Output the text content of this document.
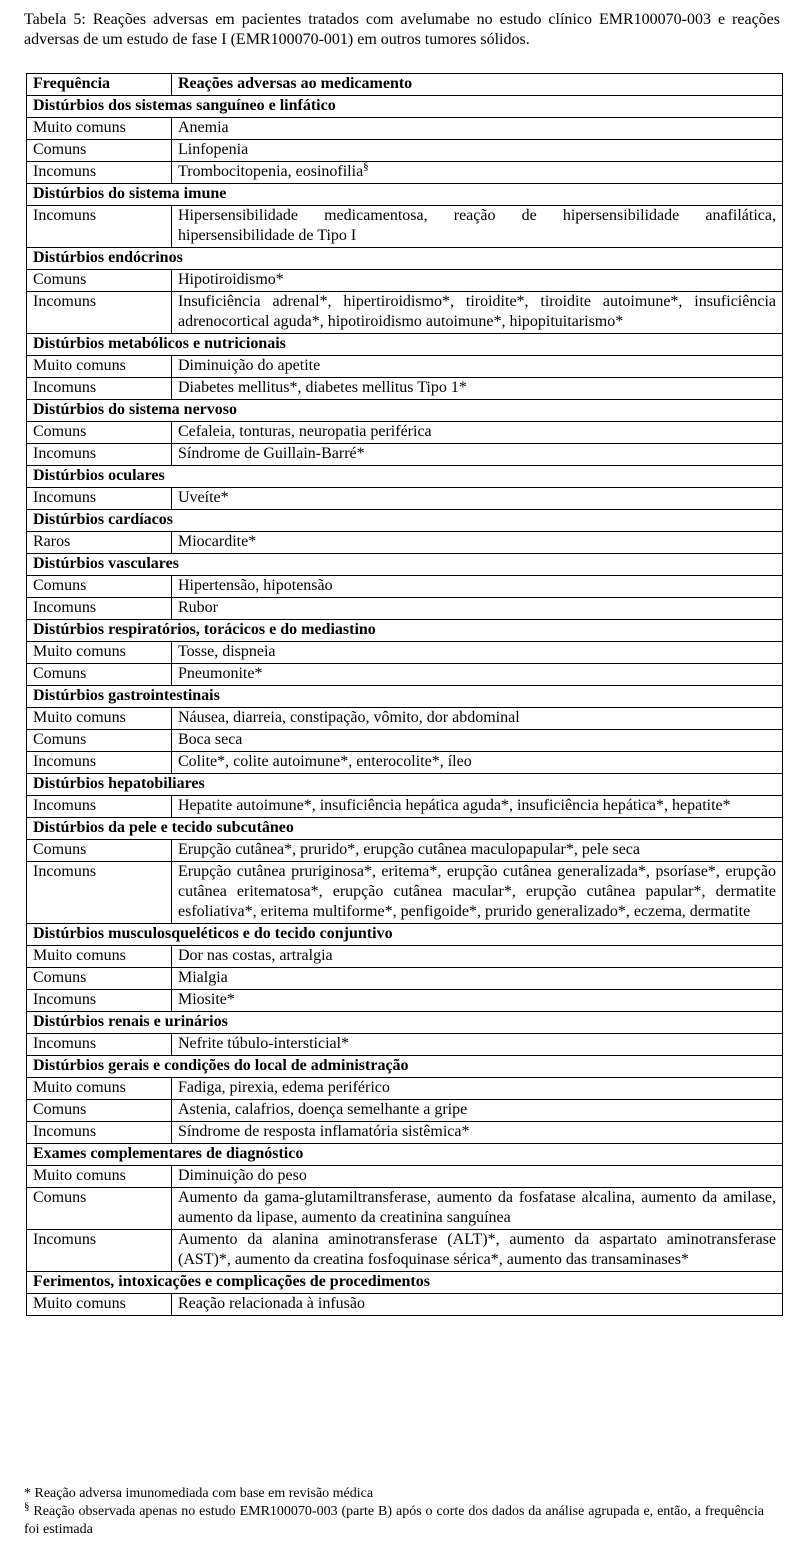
Tabela 5: Reações adversas em pacientes tratados com avelumabe no estudo clínico EMR100070-003 e reações adversas de um estudo de fase I (EMR100070-001) em outros tumores sólidos.

Frequência	Reações adversas ao medicamento
Distúrbios dos sistemas sanguíneo e linfático	
Muito comuns	Anemia
Comuns	Linfopenia
Incomuns	Trombocitopenia, eosinofilia§
Distúrbios do sistema imune	
Incomuns	Hipersensibilidade medicamentosa, reação de hipersensibilidade anafilática, hipersensibilidade de Tipo I
Distúrbios endócrinos	
Comuns	Hipotiroidismo*
Incomuns	Insuficiência adrenal*, hipertiroidismo*, tiroidite*, tiroidite autoimune*, insuficiência adrenocortical aguda*, hipotiroidismo autoimune*, hipopituitarismo*
Distúrbios metabólicos e nutricionais	
Muito comuns	Diminuição do apetite
Incomuns	Diabetes mellitus*, diabetes mellitus Tipo 1*
Distúrbios do sistema nervoso	
Comuns	Cefaleia, tonturas, neuropatia periférica
Incomuns	Síndrome de Guillain-Barré*
Distúrbios oculares	
Incomuns	Uveíte*
Distúrbios cardíacos	
Raros	Miocardite*
Distúrbios vasculares	
Comuns	Hipertensão, hipotensão
Incomuns	Rubor
Distúrbios respiratórios, torácicos e do mediastino	
Muito comuns	Tosse, dispneia
Comuns	Pneumonite*
Distúrbios gastrointestinais	
Muito comuns	Náusea, diarreia, constipação, vômito, dor abdominal
Comuns	Boca seca
Incomuns	Colite*, colite autoimune*, enterocolite*, íleo
Distúrbios hepatobiliares	
Incomuns	Hepatite autoimune*, insuficiência hepática aguda*, insuficiência hepática*, hepatite*
Distúrbios da pele e tecido subcutâneo	
Comuns	Erupção cutânea*, prurido*, erupção cutânea maculopapular*, pele seca
Incomuns	Erupção cutânea pruriginosa*, eritema*, erupção cutânea generalizada*, psoríase*, erupção cutânea eritematosa*, erupção cutânea macular*, erupção cutânea papular*, dermatite esfoliativa*, eritema multiforme*, penfigoide*, prurido generalizado*, eczema, dermatite
Distúrbios musculosqueléticos e do tecido conjuntivo	
Muito comuns	Dor nas costas, artralgia
Comuns	Mialgia
Incomuns	Miosite*
Distúrbios renais e urinários	
Incomuns	Nefrite túbulo-intersticial*
Distúrbios gerais e condições do local de administração	
Muito comuns	Fadiga, pirexia, edema periférico
Comuns	Astenia, calafrios, doença semelhante a gripe
Incomuns	Síndrome de resposta inflamatória sistêmica*
Exames complementares de diagnóstico	
Muito comuns	Diminuição do peso
Comuns	Aumento da gama-glutamiltransferase, aumento da fosfatase alcalina, aumento da amilase, aumento da lipase, aumento da creatinina sanguínea
Incomuns	Aumento da alanina aminotransferase (ALT)*, aumento da aspartato aminotransferase (AST)*, aumento da creatina fosfoquinase sérica*, aumento das transaminases*
Ferimentos, intoxicações e complicações de procedimentos	
Muito comuns	Reação relacionada à infusão

* Reação adversa imunomediada com base em revisão médica

§ Reação observada apenas no estudo EMR100070-003 (parte B) após o corte dos dados da análise agrupada e, então, a frequência foi estimada
